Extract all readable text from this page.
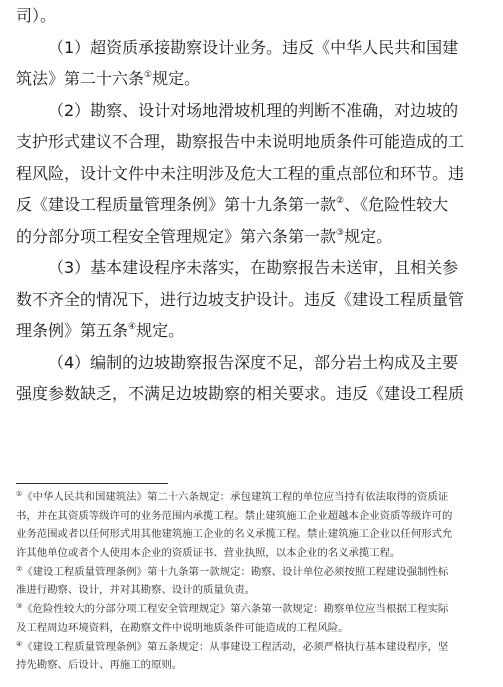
司）。
（1）超资质承接勘察设计业务。违反《中华人民共和国建
筑法》第二十六条①规定。
（2）勘察、设计对场地滑坡机理的判断不准确，对边坡的
支护形式建议不合理，勘察报告中未说明地质条件可能造成的工
程风险，设计文件中未注明涉及危大工程的重点部位和环节。违
反《建设工程质量管理条例》第十九条第一款②、《危险性较大
的分部分项工程安全管理规定》第六条第一款③规定。
（3）基本建设程序未落实，在勘察报告未送审，且相关参
数不齐全的情况下，进行边坡支护设计。违反《建设工程质量管
理条例》第五条④规定。
（4）编制的边坡勘察报告深度不足，部分岩土构成及主要
强度参数缺乏，不满足边坡勘察的相关要求。违反《建设工程质
①《中华人民共和国建筑法》第二十六条规定：承包建筑工程的单位应当持有依法取得的资质证
书，并在其资质等级许可的业务范围内承揽工程。禁止建筑施工企业超越本企业资质等级许可的
业务范围或者以任何形式用其他建筑施工企业的名义承揽工程。禁止建筑施工企业以任何形式允
许其他单位或者个人使用本企业的资质证书、营业执照，以本企业的名义承揽工程。
②《建设工程质量管理条例》第十九条第一款规定：勘察、设计单位必须按照工程建设强制性标
准进行勘察、设计，并对其勘察、设计的质量负责。
③《危险性较大的分部分项工程安全管理规定》第六条第一款规定：勘察单位应当根据工程实际
及工程周边环境资料，在勘察文件中说明地质条件可能造成的工程风险。
④《建设工程质量管理条例》第五条规定：从事建设工程活动，必须严格执行基本建设程序，坚
持先勘察、后设计、再施工的原则。
